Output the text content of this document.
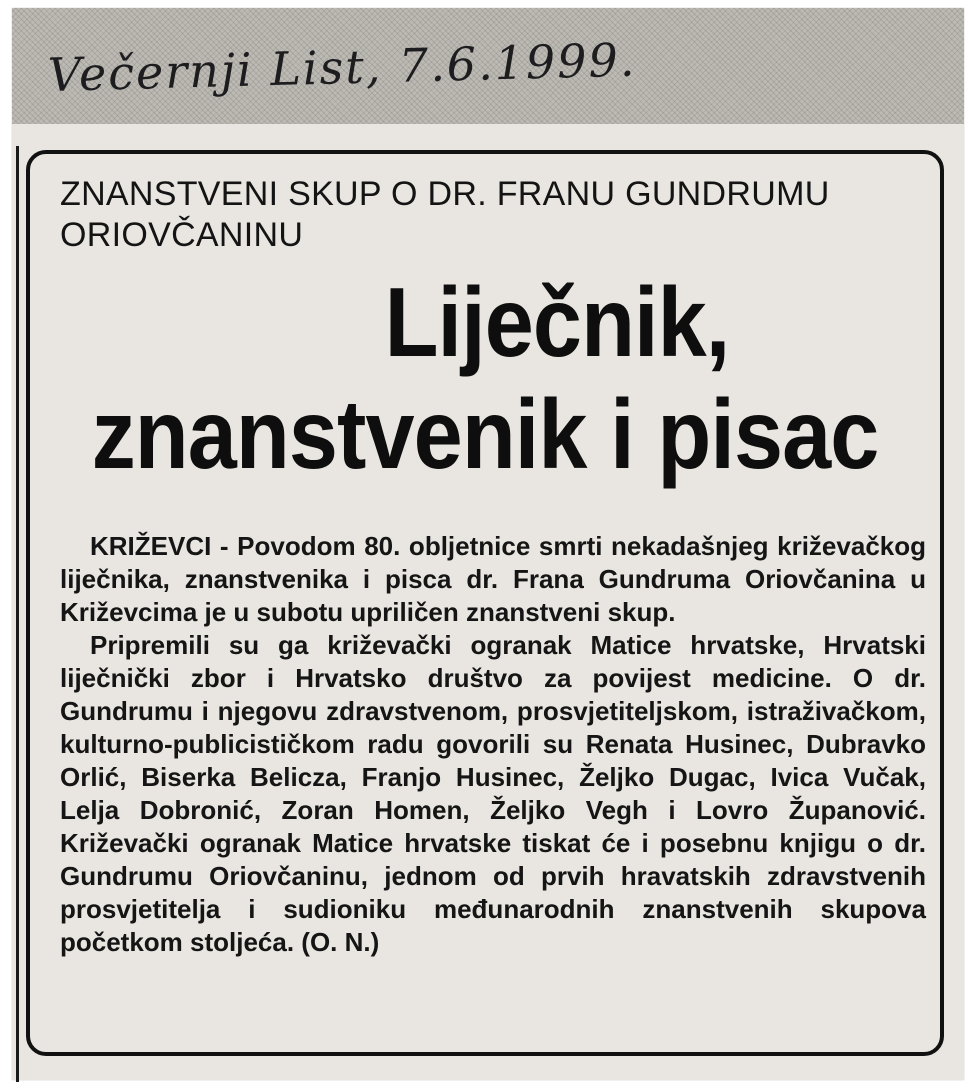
Večernji List, 7.6.1999.
ZNANSTVENI SKUP O DR. FRANU GUNDRUMU ORIOVČANINU
Liječnik,
znanstvenik i pisac

KRIŽEVCI - Povodom 80. obljetnice smrti nekadašnjeg križevačkog liječnika, znanstvenika i pisca dr. Frana Gundruma Oriovčanina u Križevcima je u subotu upriličen znanstveni skup.

Pripremili su ga križevački ogranak Matice hrvatske, Hrvatski liječnički zbor i Hrvatsko društvo za povijest medicine. O dr. Gundrumu i njegovu zdravstvenom, prosvjetiteljskom, istraživačkom, kulturno-publicističkom radu govorili su Renata Husinec, Dubravko Orlić, Biserka Belicza, Franjo Husinec, Željko Dugac, Ivica Vučak, Lelja Dobronić, Zoran Homen, Željko Vegh i Lovro Županović. Križevački ogranak Matice hrvatske tiskat će i posebnu knjigu o dr. Gundrumu Oriovčaninu, jednom od prvih hravatskih zdravstvenih prosvjetitelja i sudioniku međunarodnih znanstvenih skupova početkom stoljeća. (O. N.)
